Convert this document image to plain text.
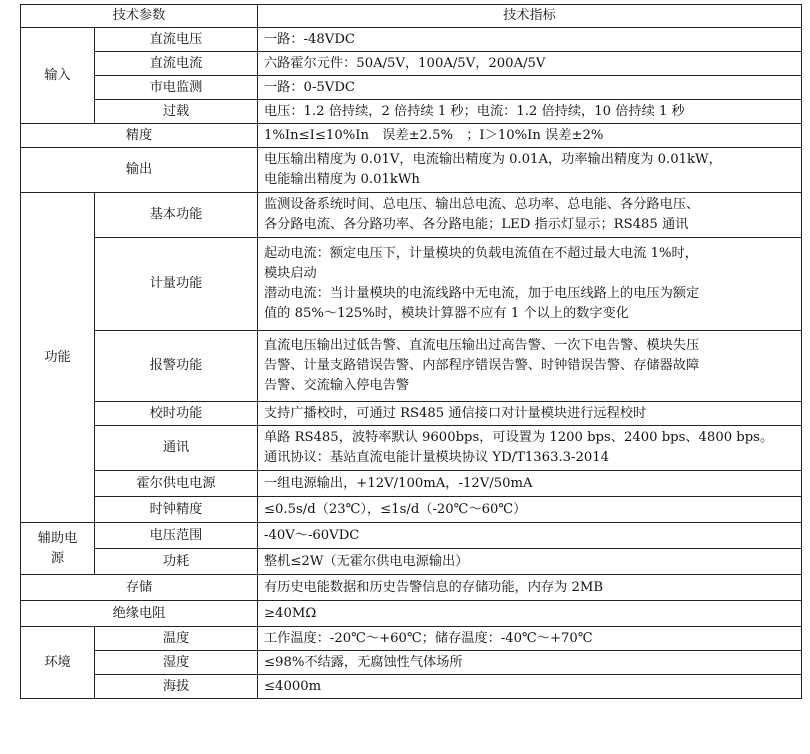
技术参数		技术指标
输入	直流电压	一路：-48VDC
	直流电流	六路霍尔元件：50A/5V，100A/5V，200A/5V
	市电监测	一路：0-5VDC
	过载	电压：1.2 倍持续，2 倍持续 1 秒；电流：1.2 倍持续，10 倍持续 1 秒
精度		1%In≤I≤10%In　误差±2.5%　；I＞10%In 误差±2%
输出		电压输出精度为 0.01V，电流输出精度为 0.01A，功率输出精度为 0.01kW，
电能输出精度为 0.01kWh

功能	基本功能	监测设备系统时间、总电压、输出总电流、总功率、总电能、各分路电压、
各分路电流、各分路功率、各分路电能；LED 指示灯显示；RS485 通讯

	计量功能	起动电流：额定电压下，计量模块的负载电流值在不超过最大电流 1%时，
模块启动
潜动电流：当计量模块的电流线路中无电流，加于电压线路上的电压为额定
值的 85%～125%时，模块计算器不应有 1 个以上的数字变化

	报警功能	直流电压输出过低告警、直流电压输出过高告警、一次下电告警、模块失压
告警、计量支路错误告警、内部程序错误告警、时钟错误告警、存储器故障
告警、交流输入停电告警

	校时功能	支持广播校时，可通过 RS485 通信接口对计量模块进行远程校时
	通讯	单路 RS485，波特率默认 9600bps，可设置为 1200 bps、2400 bps、4800 bps。
通讯协议：基站直流电能计量模块协议 YD/T1363.3-2014

	霍尔供电电源	一组电源输出，+12V/100mA，-12V/50mA
	时钟精度	≤0.5s/d（23℃），≤1s/d（-20℃～60℃）

辅助电
源	电压范围	-40V～-60VDC
	功耗	整机≤2W（无霍尔供电电源输出）
存储		有历史电能数据和历史告警信息的存储功能，内存为 2MB
绝缘电阻		≥40MΩ
环境	温度	工作温度：-20℃～+60℃；储存温度：-40℃～+70℃
	湿度	≤98%不结露，无腐蚀性气体场所
	海拔	≤4000m
